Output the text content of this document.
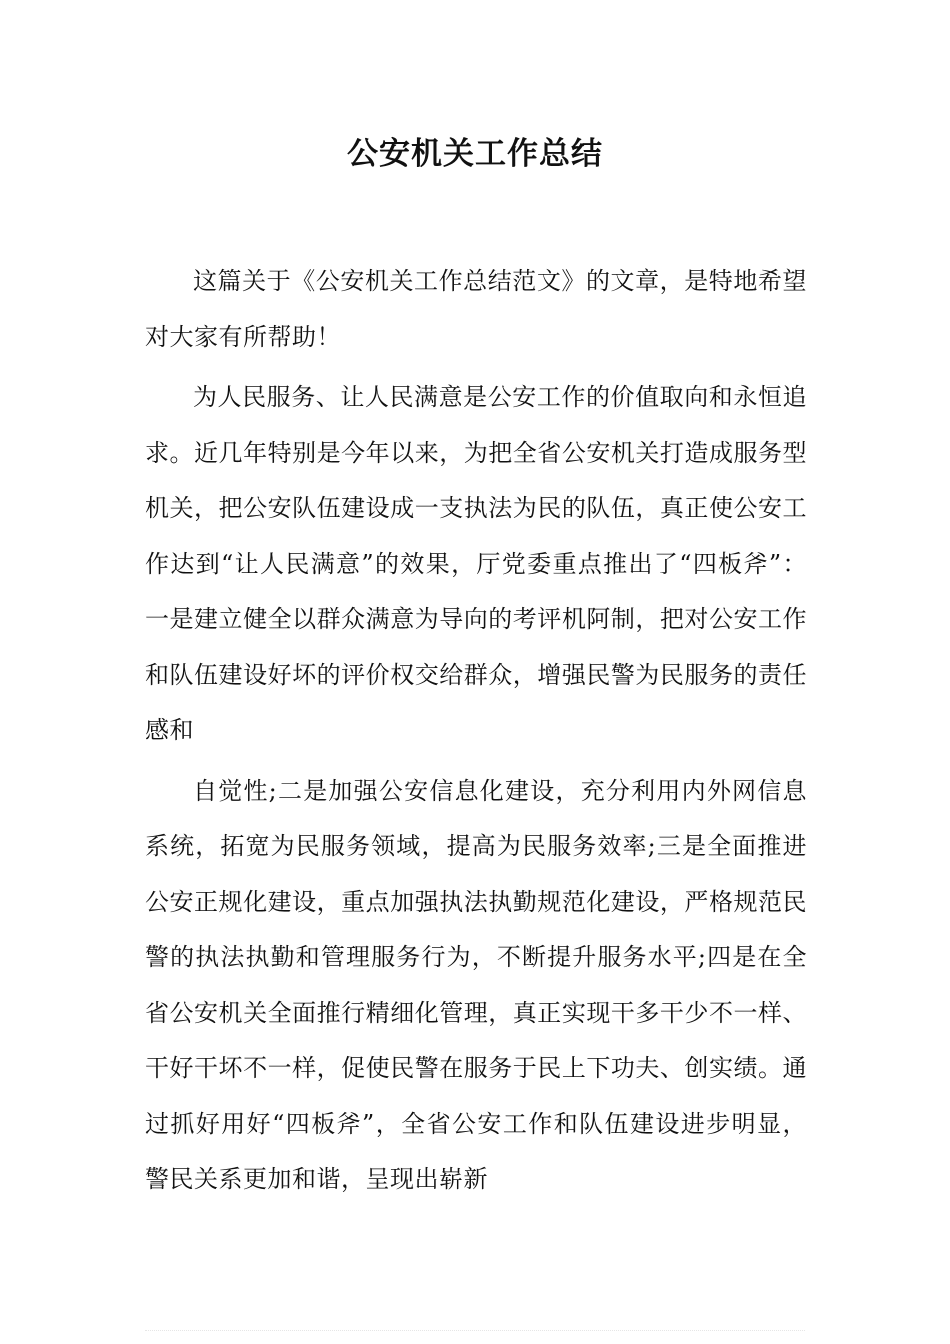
公安机关工作总结

这篇关于《公安机关工作总结范文》的文章，是特地希望对大家有所帮助！

为人民服务、让人民满意是公安工作的价值取向和永恒追求。近几年特别是今年以来，为把全省公安机关打造成服务型机关，把公安队伍建设成一支执法为民的队伍，真正使公安工作达到“让人民满意”的效果，厅党委重点推出了“四板斧”：一是建立健全以群众满意为导向的考评机阿制，把对公安工作和队伍建设好坏的评价权交给群众，增强民警为民服务的责任感和

自觉性;二是加强公安信息化建设，充分利用内外网信息系统，拓宽为民服务领域，提高为民服务效率;三是全面推进公安正规化建设，重点加强执法执勤规范化建设，严格规范民警的执法执勤和管理服务行为，不断提升服务水平;四是在全省公安机关全面推行精细化管理，真正实现干多干少不一样、干好干坏不一样，促使民警在服务于民上下功夫、创实绩。通过抓好用好“四板斧”，全省公安工作和队伍建设进步明显，警民关系更加和谐，呈现出崭新
